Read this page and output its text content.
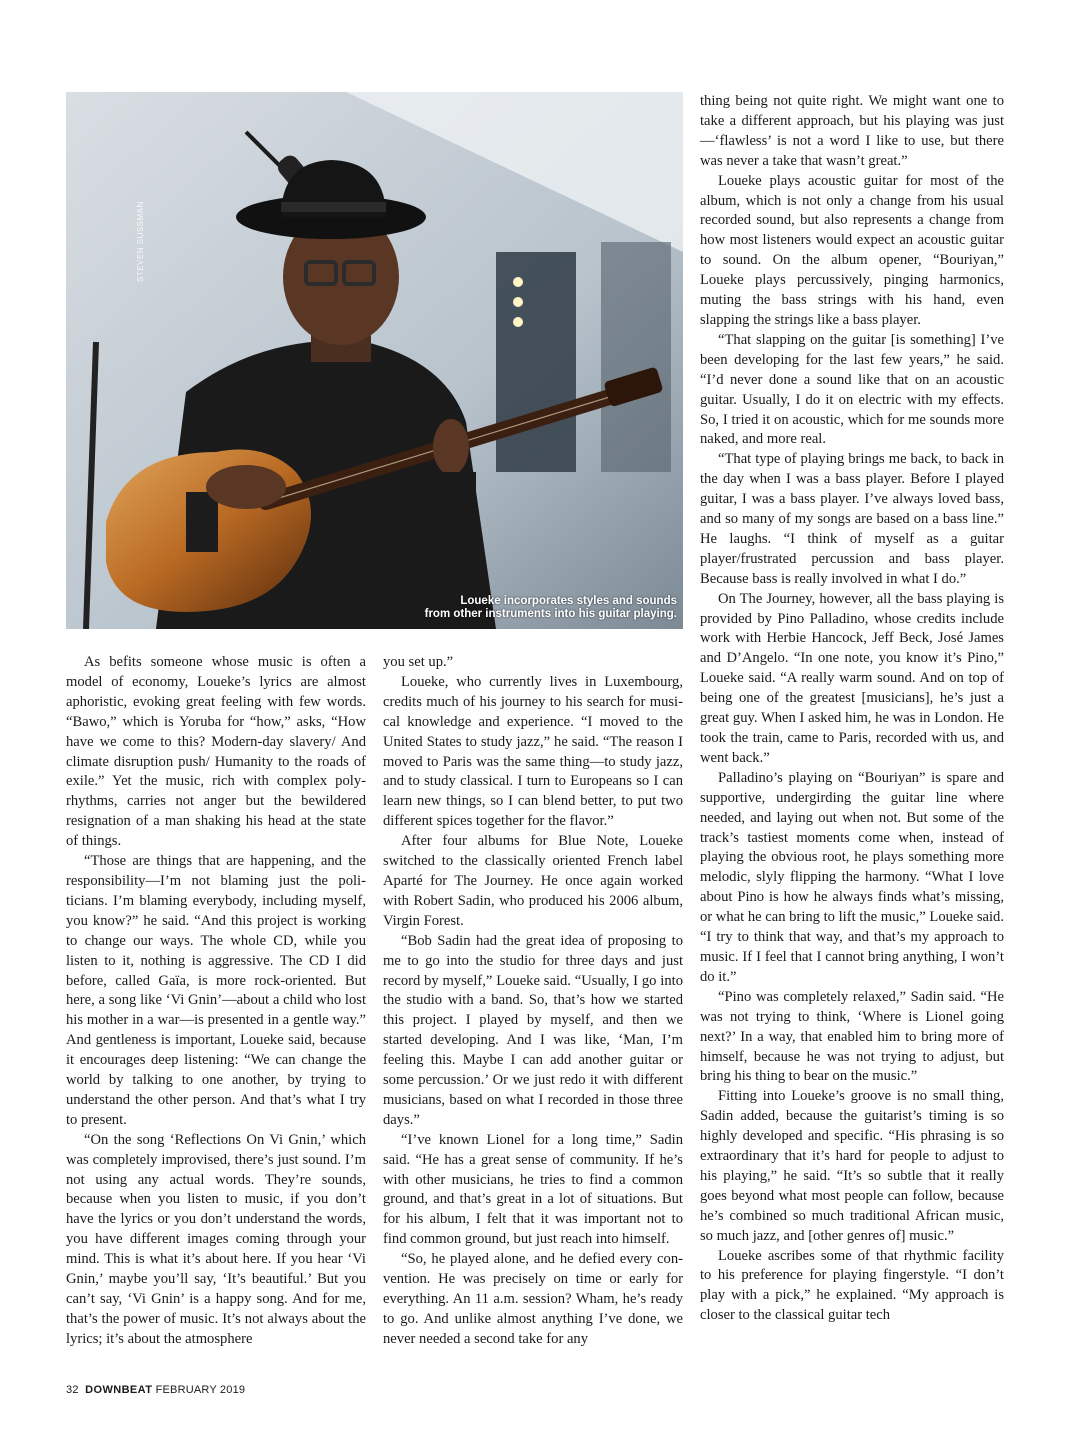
STEVEN SUSSMAN
Loueke incorporates styles and sounds
from other instruments into his guitar playing.

As befits someone whose music is often a model of economy, Loueke’s lyrics are almost aphoristic, evoking great feeling with few words. “Bawo,” which is Yoruba for “how,” asks, “How have we come to this? Modern-day slavery/ And climate disruption push/ Humanity to the roads of exile.” Yet the music, rich with complex polyrhythms, carries not anger but the bewildered resignation of a man shaking his head at the state of things.

“Those are things that are happening, and the responsibility—I’m not blaming just the politicians. I’m blaming everybody, including myself, you know?” he said. “And this project is working to change our ways. The whole CD, while you listen to it, nothing is aggressive. The CD I did before, called Gaïa, is more rock-oriented. But here, a song like ‘Vi Gnin’—about a child who lost his mother in a war—is presented in a gentle way.” And gentleness is important, Loueke said, because it encourages deep listening: “We can change the world by talking to one another, by trying to understand the other person. And that’s what I try to present.

“On the song ‘Reflections On Vi Gnin,’ which was completely improvised, there’s just sound. I’m not using any actual words. They’re sounds, because when you listen to music, if you don’t have the lyrics or you don’t understand the words, you have different images coming through your mind. This is what it’s about here. If you hear ‘Vi Gnin,’ maybe you’ll say, ‘It’s beautiful.’ But you can’t say, ‘Vi Gnin’ is a happy song. And for me, that’s the power of music. It’s not always about the lyrics; it’s about the atmosphere

you set up.”

Loueke, who currently lives in Luxembourg, credits much of his journey to his search for musical knowledge and experience. “I moved to the United States to study jazz,” he said. “The reason I moved to Paris was the same thing—to study jazz, and to study classical. I turn to Europeans so I can learn new things, so I can blend better, to put two different spices together for the flavor.”

After four albums for Blue Note, Loueke switched to the classically oriented French label Aparté for The Journey. He once again worked with Robert Sadin, who produced his 2006 album, Virgin Forest.

“Bob Sadin had the great idea of proposing to me to go into the studio for three days and just record by myself,” Loueke said. “Usually, I go into the studio with a band. So, that’s how we started this project. I played by myself, and then we started developing. And I was like, ‘Man, I’m feeling this. Maybe I can add another guitar or some percussion.’ Or we just redo it with different musicians, based on what I recorded in those three days.”

“I’ve known Lionel for a long time,” Sadin said. “He has a great sense of community. If he’s with other musicians, he tries to find a common ground, and that’s great in a lot of situations. But for his album, I felt that it was important not to find common ground, but just reach into himself.

“So, he played alone, and he defied every convention. He was precisely on time or early for everything. An 11 a.m. session? Wham, he’s ready to go. And unlike almost anything I’ve done, we never needed a second take for any

thing being not quite right. We might want one to take a different approach, but his playing was just—‘flawless’ is not a word I like to use, but there was never a take that wasn’t great.”

Loueke plays acoustic guitar for most of the album, which is not only a change from his usual recorded sound, but also represents a change from how most listeners would expect an acoustic guitar to sound. On the album opener, “Bouriyan,” Loueke plays percussively, pinging harmonics, muting the bass strings with his hand, even slapping the strings like a bass player.

“That slapping on the guitar [is something] I’ve been developing for the last few years,” he said. “I’d never done a sound like that on an acoustic guitar. Usually, I do it on electric with my effects. So, I tried it on acoustic, which for me sounds more naked, and more real.

“That type of playing brings me back, to back in the day when I was a bass player. Before I played guitar, I was a bass player. I’ve always loved bass, and so many of my songs are based on a bass line.” He laughs. “I think of myself as a guitar player/frustrated percussion and bass player. Because bass is really involved in what I do.”

On The Journey, however, all the bass playing is provided by Pino Palladino, whose credits include work with Herbie Hancock, Jeff Beck, José James and D’Angelo. “In one note, you know it’s Pino,” Loueke said. “A really warm sound. And on top of being one of the greatest [musicians], he’s just a great guy. When I asked him, he was in London. He took the train, came to Paris, recorded with us, and went back.”

Palladino’s playing on “Bouriyan” is spare and supportive, undergirding the guitar line where needed, and laying out when not. But some of the track’s tastiest moments come when, instead of playing the obvious root, he plays something more melodic, slyly flipping the harmony. “What I love about Pino is how he always finds what’s missing, or what he can bring to lift the music,” Loueke said. “I try to think that way, and that’s my approach to music. If I feel that I cannot bring anything, I won’t do it.”

“Pino was completely relaxed,” Sadin said. “He was not trying to think, ‘Where is Lionel going next?’ In a way, that enabled him to bring more of himself, because he was not trying to adjust, but bring his thing to bear on the music.”

Fitting into Loueke’s groove is no small thing, Sadin added, because the guitarist’s timing is so highly developed and specific. “His phrasing is so extraordinary that it’s hard for people to adjust to his playing,” he said. “It’s so subtle that it really goes beyond what most people can follow, because he’s combined so much traditional African music, so much jazz, and [other genres of] music.”

Loueke ascribes some of that rhythmic facility to his preference for playing fingerstyle. “I don’t play with a pick,” he explained. “My approach is closer to the classical guitar tech

32 DOWNBEAT FEBRUARY 2019
